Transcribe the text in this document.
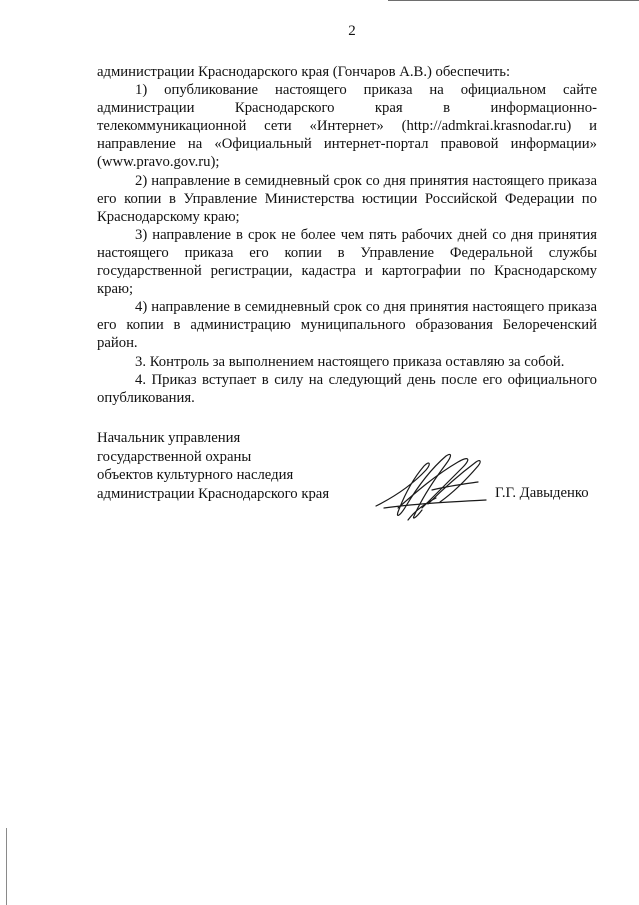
2

администрации Краснодарского края (Гончаров А.В.) обеспечить:

1) опубликование настоящего приказа на официальном сайте администрации Краснодарского края в информационно-телекоммуникационной сети «Интернет» (http://admkrai.krasnodar.ru) и направление на «Официальный интернет-портал правовой информации» (www.pravo.gov.ru);

2) направление в семидневный срок со дня принятия настоящего приказа его копии в Управление Министерства юстиции Российской Федерации по Краснодарскому краю;

3) направление в срок не более чем пять рабочих дней со дня принятия настоящего приказа его копии в Управление Федеральной службы государственной регистрации, кадастра и картографии по Краснодарскому краю;

4) направление в семидневный срок со дня принятия настоящего приказа его копии в администрацию муниципального образования Белореченский район.

3. Контроль за выполнением настоящего приказа оставляю за собой.

4. Приказ вступает в силу на следующий день после его официального опубликования.

Начальник управления
государственной охраны
объектов культурного наследия
администрации Краснодарского края	Г.Г. Давыденко
